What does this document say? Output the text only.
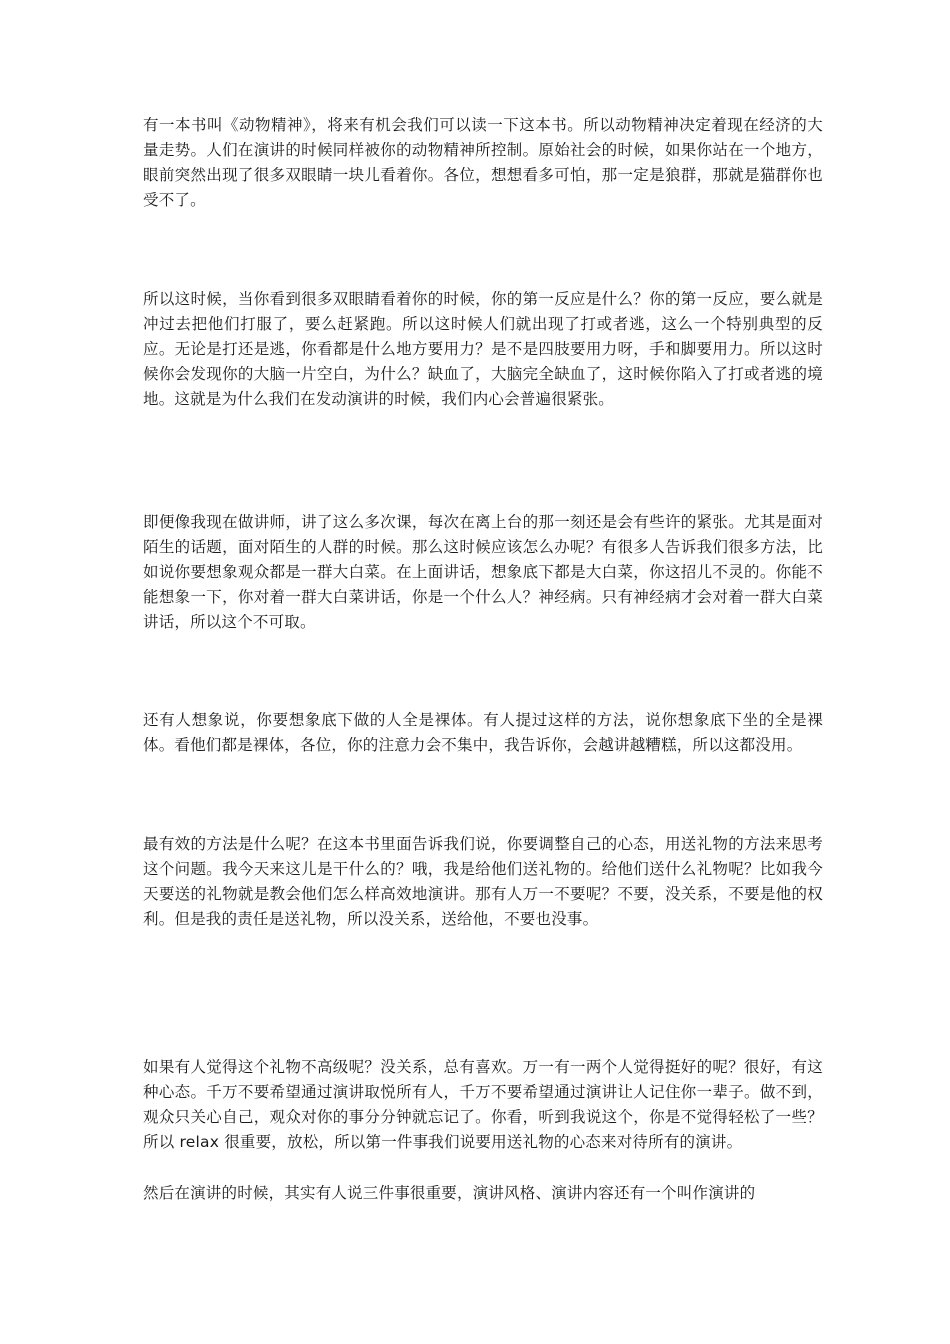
有一本书叫《动物精神》，将来有机会我们可以读一下这本书。所以动物精神决定着现在经济的大量走势。人们在演讲的时候同样被你的动物精神所控制。原始社会的时候，如果你站在一个地方，眼前突然出现了很多双眼睛一块儿看着你。各位，想想看多可怕，那一定是狼群，那就是猫群你也受不了。

所以这时候，当你看到很多双眼睛看着你的时候，你的第一反应是什么？你的第一反应，要么就是冲过去把他们打服了，要么赶紧跑。所以这时候人们就出现了打或者逃，这么一个特别典型的反应。无论是打还是逃，你看都是什么地方要用力？是不是四肢要用力呀，手和脚要用力。所以这时候你会发现你的大脑一片空白，为什么？缺血了，大脑完全缺血了，这时候你陷入了打或者逃的境地。这就是为什么我们在发动演讲的时候，我们内心会普遍很紧张。

即便像我现在做讲师，讲了这么多次课，每次在离上台的那一刻还是会有些许的紧张。尤其是面对陌生的话题，面对陌生的人群的时候。那么这时候应该怎么办呢？有很多人告诉我们很多方法，比如说你要想象观众都是一群大白菜。在上面讲话，想象底下都是大白菜，你这招儿不灵的。你能不能想象一下，你对着一群大白菜讲话，你是一个什么人？神经病。只有神经病才会对着一群大白菜讲话，所以这个不可取。

还有人想象说，你要想象底下做的人全是裸体。有人提过这样的方法，说你想象底下坐的全是裸体。看他们都是裸体，各位，你的注意力会不集中，我告诉你，会越讲越糟糕，所以这都没用。

最有效的方法是什么呢？在这本书里面告诉我们说，你要调整自己的心态，用送礼物的方法来思考这个问题。我今天来这儿是干什么的？哦，我是给他们送礼物的。给他们送什么礼物呢？比如我今天要送的礼物就是教会他们怎么样高效地演讲。那有人万一不要呢？不要，没关系，不要是他的权利。但是我的责任是送礼物，所以没关系，送给他，不要也没事。

如果有人觉得这个礼物不高级呢？没关系，总有喜欢。万一有一两个人觉得挺好的呢？很好，有这种心态。千万不要希望通过演讲取悦所有人，千万不要希望通过演讲让人记住你一辈子。做不到，观众只关心自己，观众对你的事分分钟就忘记了。你看，听到我说这个，你是不觉得轻松了一些？所以 relax 很重要，放松，所以第一件事我们说要用送礼物的心态来对待所有的演讲。

然后在演讲的时候，其实有人说三件事很重要，演讲风格、演讲内容还有一个叫作演讲的
